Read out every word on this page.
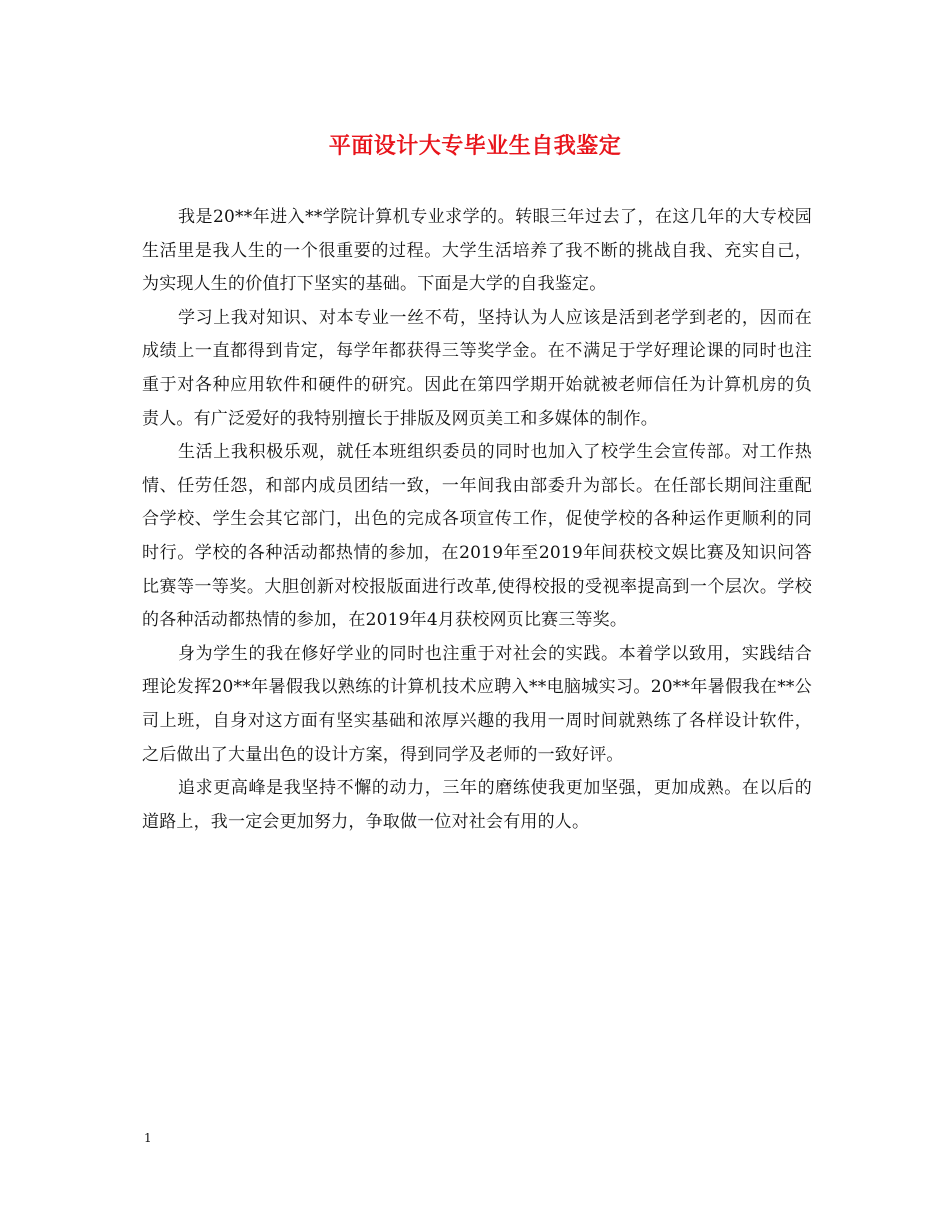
平面设计大专毕业生自我鉴定

我是20**年进入**学院计算机专业求学的。转眼三年过去了，在这几年的大专校园生活里是我人生的一个很重要的过程。大学生活培养了我不断的挑战自我、充实自己，为实现人生的价值打下坚实的基础。下面是大学的自我鉴定。

学习上我对知识、对本专业一丝不苟，坚持认为人应该是活到老学到老的，因而在成绩上一直都得到肯定，每学年都获得三等奖学金。在不满足于学好理论课的同时也注重于对各种应用软件和硬件的研究。因此在第四学期开始就被老师信任为计算机房的负责人。有广泛爱好的我特别擅长于排版及网页美工和多媒体的制作。

生活上我积极乐观，就任本班组织委员的同时也加入了校学生会宣传部。对工作热情、任劳任怨，和部内成员团结一致，一年间我由部委升为部长。在任部长期间注重配合学校、学生会其它部门，出色的完成各项宣传工作，促使学校的各种运作更顺利的同时行。学校的各种活动都热情的参加，在2019年至2019年间获校文娱比赛及知识问答比赛等一等奖。大胆创新对校报版面进行改革,使得校报的受视率提高到一个层次。学校的各种活动都热情的参加，在2019年4月获校网页比赛三等奖。

身为学生的我在修好学业的同时也注重于对社会的实践。本着学以致用，实践结合理论发挥20**年暑假我以熟练的计算机技术应聘入**电脑城实习。20**年暑假我在**公司上班，自身对这方面有坚实基础和浓厚兴趣的我用一周时间就熟练了各样设计软件，之后做出了大量出色的设计方案，得到同学及老师的一致好评。

追求更高峰是我坚持不懈的动力，三年的磨练使我更加坚强，更加成熟。在以后的道路上，我一定会更加努力，争取做一位对社会有用的人。

1
